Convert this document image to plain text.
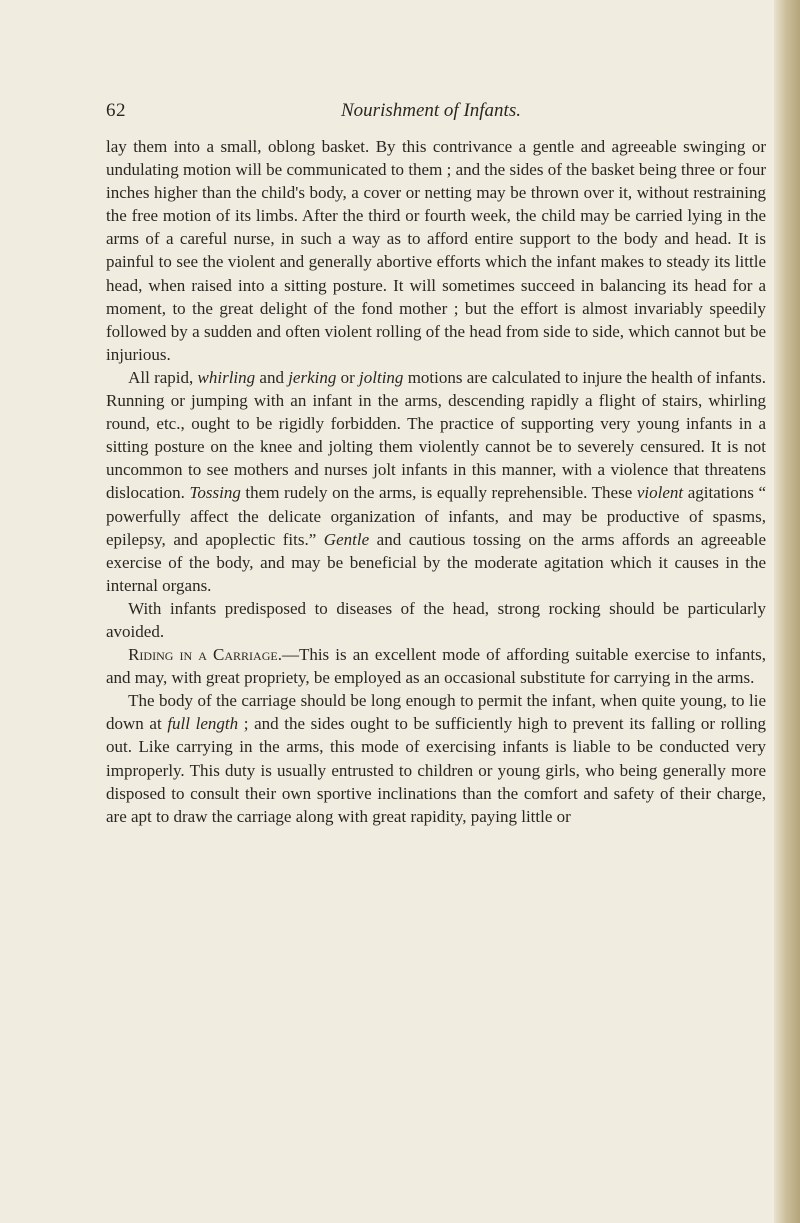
62	Nourishment of Infants.

lay them into a small, oblong basket. By this contrivance a gentle and agreeable swinging or undulating motion will be communicated to them ; and the sides of the basket being three or four inches higher than the child's body, a cover or netting may be thrown over it, without restraining the free motion of its limbs. After the third or fourth week, the child may be carried lying in the arms of a careful nurse, in such a way as to afford entire support to the body and head. It is painful to see the violent and generally abortive efforts which the infant makes to steady its little head, when raised into a sitting posture. It will sometimes succeed in balancing its head for a moment, to the great delight of the fond mother ; but the effort is almost invariably speedily followed by a sudden and often violent rolling of the head from side to side, which cannot but be injurious.

All rapid, whirling and jerking or jolting motions are calculated to injure the health of infants. Running or jumping with an infant in the arms, descending rapidly a flight of stairs, whirling round, etc., ought to be rigidly forbidden. The practice of supporting very young infants in a sitting posture on the knee and jolting them violently cannot be to severely censured. It is not uncommon to see mothers and nurses jolt infants in this manner, with a violence that threatens dislocation. Tossing them rudely on the arms, is equally reprehensible. These violent agitations “ powerfully affect the delicate organization of infants, and may be productive of spasms, epilepsy, and apoplectic fits.” Gentle and cautious tossing on the arms affords an agreeable exercise of the body, and may be beneficial by the moderate agitation which it causes in the internal organs.

With infants predisposed to diseases of the head, strong rocking should be particularly avoided.

Riding in a Carriage.—This is an excellent mode of affording suitable exercise to infants, and may, with great propriety, be employed as an occasional substitute for carrying in the arms.

The body of the carriage should be long enough to permit the infant, when quite young, to lie down at full length ; and the sides ought to be sufficiently high to prevent its falling or rolling out. Like carrying in the arms, this mode of exercising infants is liable to be conducted very improperly. This duty is usually entrusted to children or young girls, who being generally more disposed to consult their own sportive inclinations than the comfort and safety of their charge, are apt to draw the carriage along with great rapidity, paying little or
